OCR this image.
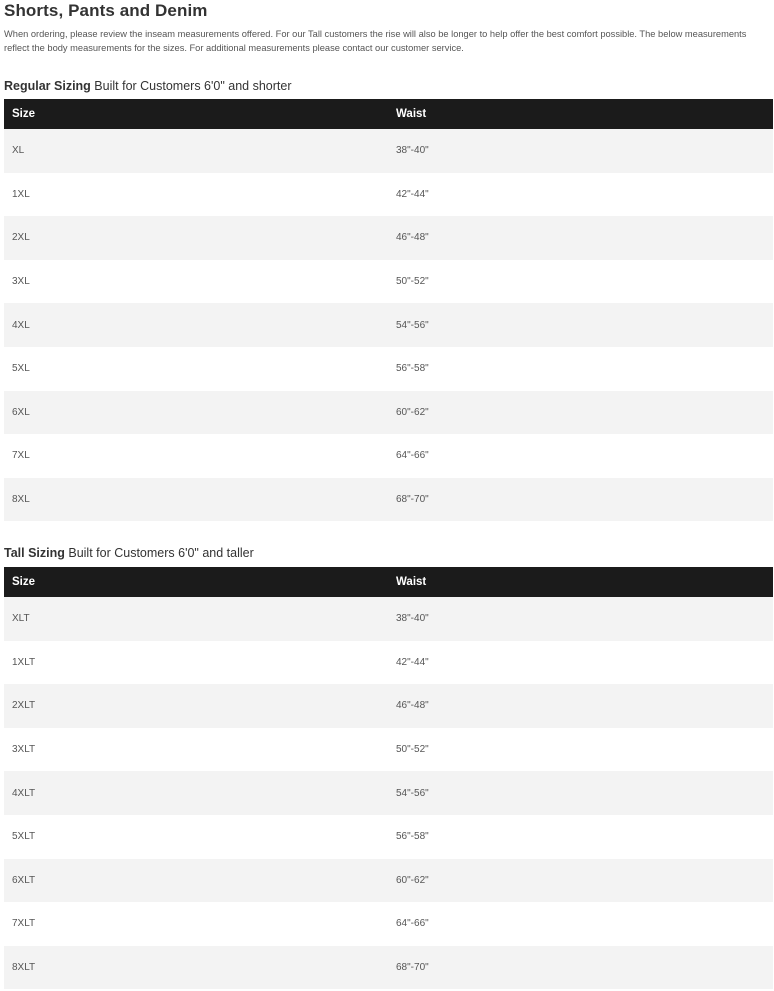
Shorts, Pants and Denim
When ordering, please review the inseam measurements offered. For our Tall customers the rise will also be longer to help offer the best comfort possible. The below measurements reflect the body measurements for the sizes. For additional measurements please contact our customer service.
Regular Sizing Built for Customers 6'0" and shorter
Size	Waist
XL	38"-40"
1XL	42"-44"
2XL	46"-48"
3XL	50"-52"
4XL	54"-56"
5XL	56"-58"
6XL	60"-62"
7XL	64"-66"
8XL	68"-70"
Tall Sizing Built for Customers 6'0" and taller
Size	Waist
XLT	38"-40"
1XLT	42"-44"
2XLT	46"-48"
3XLT	50"-52"
4XLT	54"-56"
5XLT	56"-58"
6XLT	60"-62"
7XLT	64"-66"
8XLT	68"-70"
